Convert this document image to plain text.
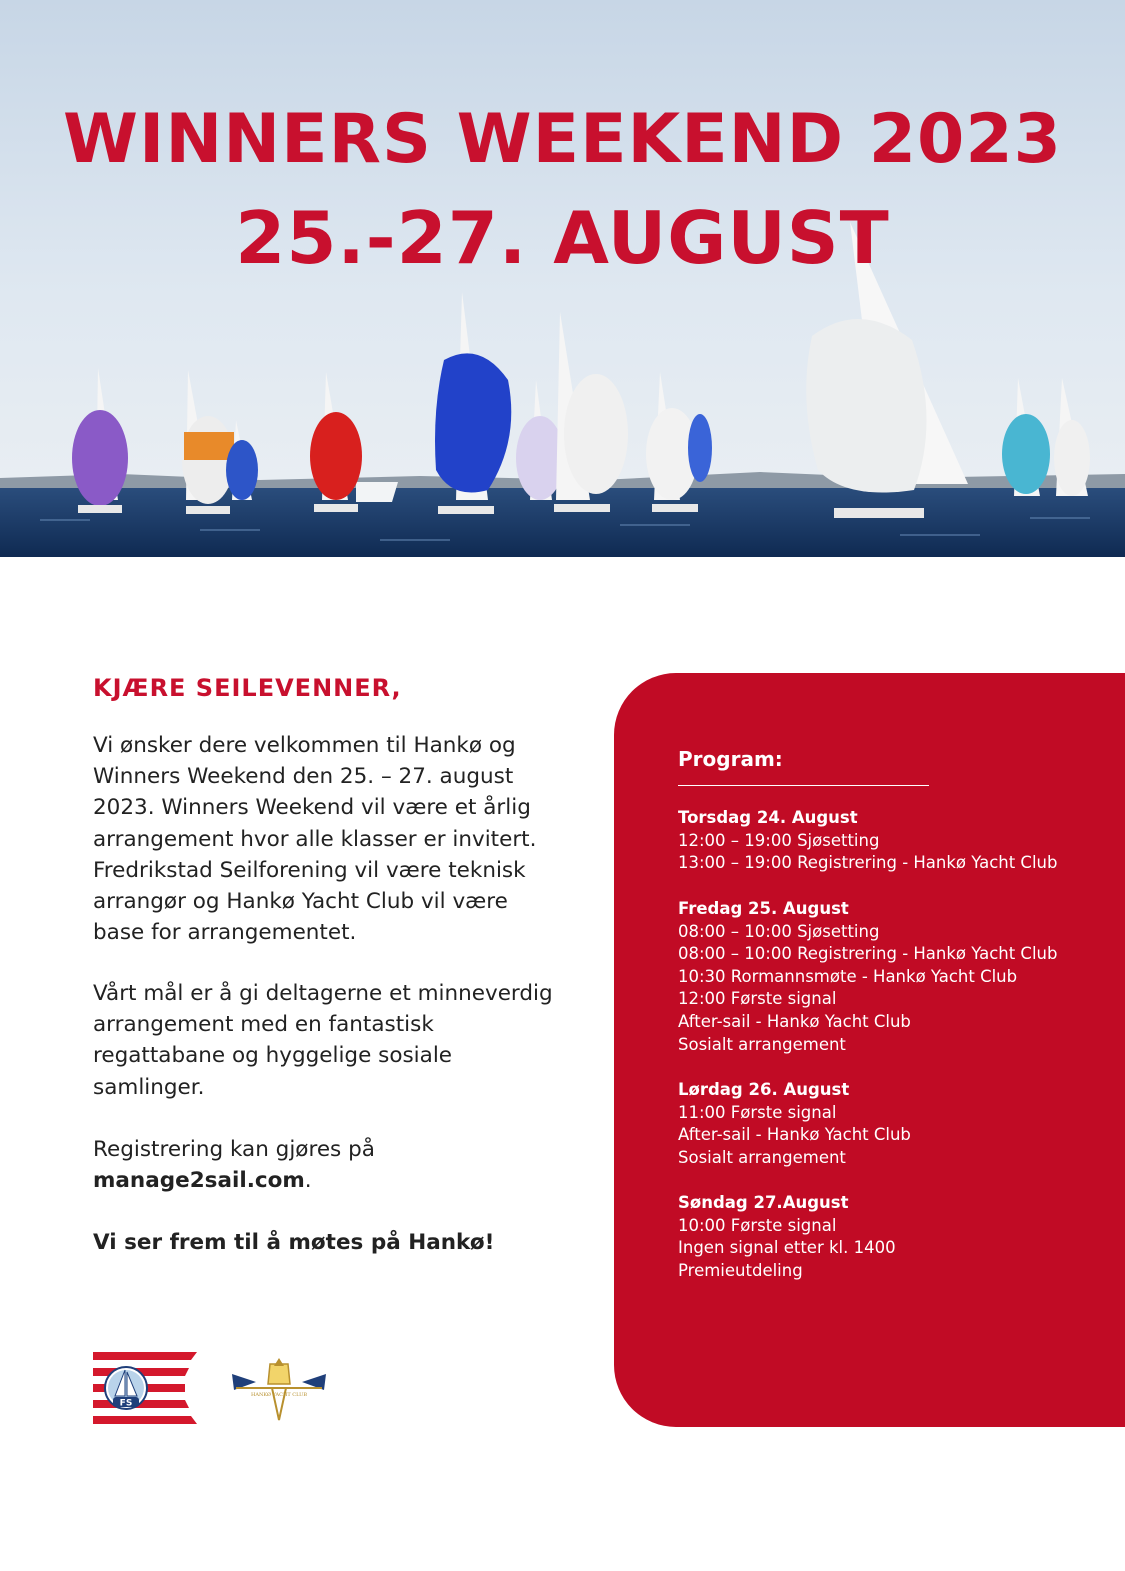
WINNERS WEEKEND 2023
25.-27. AUGUST
KJÆRE SEILEVENNER,
Vi ønsker dere velkommen til Hankø og Winners Weekend den 25. – 27. august 2023. Winners Weekend vil være et årlig arrangement hvor alle klasser er invitert. Fredrikstad Seilforening vil være teknisk arrangør og Hankø Yacht Club vil være base for arrangementet.
Vårt mål er å gi deltagerne et minneverdig arrangement med en fantastisk regattabane og hyggelige sosiale samlinger.
Registrering kan gjøres på
manage2sail.com.
Vi ser frem til å møtes på Hankø!
Program:
Torsdag 24. August
12:00 – 19:00 Sjøsetting
13:00 – 19:00 Registrering - Hankø Yacht Club
Fredag 25. August
08:00 – 10:00 Sjøsetting
08:00 – 10:00 Registrering - Hankø Yacht Club
10:30 Rormannsmøte - Hankø Yacht Club
12:00 Første signal
After-sail - Hankø Yacht Club
Sosialt arrangement
Lørdag 26. August
11:00 Første signal
After-sail - Hankø Yacht Club
Sosialt arrangement
Søndag 27.August
10:00 Første signal
Ingen signal etter kl. 1400
Premieutdeling
FS
HANKØ YACHT CLUB
